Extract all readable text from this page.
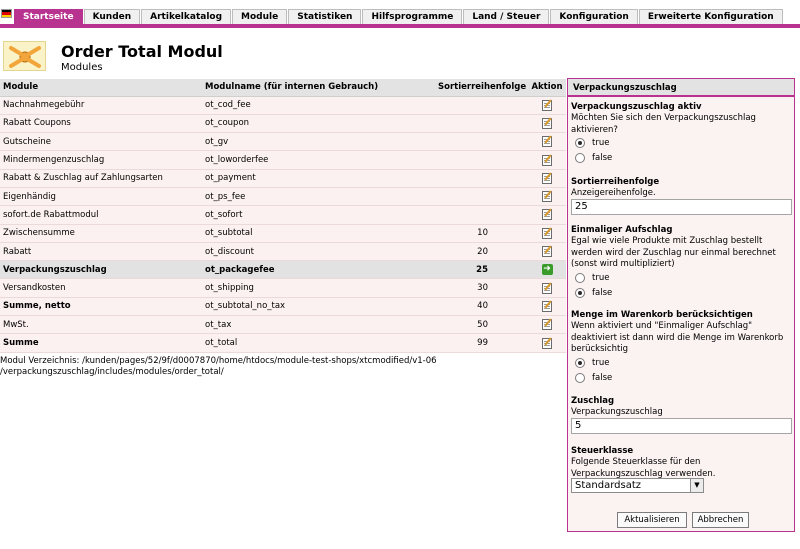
Startseite	Kunden	Artikelkatalog	Module	Statistiken	Hilfsprogramme	Land / Steuer	Konfiguration	Erweiterte Konfiguration
Order Total Modul
Modules
Module	Modulname (für internen Gebrauch)	Sortierreihenfolge	Aktion
Nachnahmegebühr	ot_cod_fee		
Rabatt Coupons	ot_coupon		
Gutscheine	ot_gv		
Mindermengenzuschlag	ot_loworderfee		
Rabatt & Zuschlag auf Zahlungsarten	ot_payment		
Eigenhändig	ot_ps_fee		
sofort.de Rabattmodul	ot_sofort		
Zwischensumme	ot_subtotal	10	
Rabatt	ot_discount	20	
Verpackungszuschlag	ot_packagefee	25	➜
Versandkosten	ot_shipping	30	
Summe, netto	ot_subtotal_no_tax	40	
MwSt.	ot_tax	50	
Summe	ot_total	99	
Modul Verzeichnis: /kunden/pages/52/9f/d0007870/home/htdocs/module-test-shops/xtcmodified/v1-06 /verpackungszuschlag/includes/modules/order_total/
Verpackungszuschlag
Verpackungszuschlag aktiv
Möchten Sie sich den Verpackungszuschlag aktivieren?
true
false
Sortierreihenfolge
Anzeigereihenfolge.
25
Einmaliger Aufschlag
Egal wie viele Produkte mit Zuschlag bestellt werden wird der Zuschlag nur einmal berechnet (sonst wird multipliziert)
true
false
Menge im Warenkorb berücksichtigen
Wenn aktiviert und "Einmaliger Aufschlag" deaktiviert ist dann wird die Menge im Warenkorb berücksichtig
true
false
Zuschlag
Verpackungszuschlag
5
Steuerklasse
Folgende Steuerklasse für den Verpackungszuschlag verwenden.
Standardsatz	▼
Aktualisieren	Abbrechen
